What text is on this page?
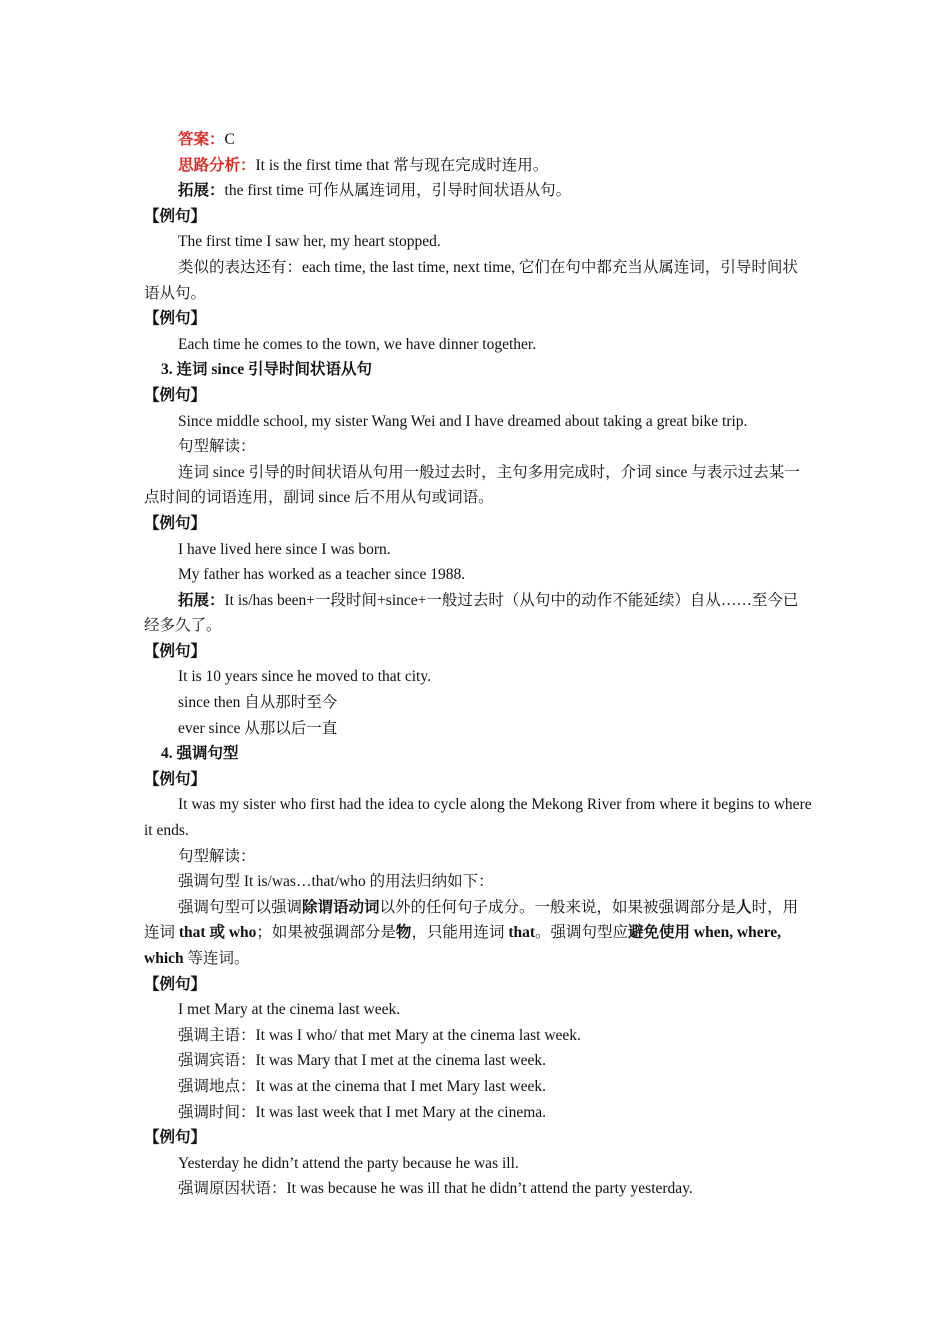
答案：C

思路分析：It is the first time that 常与现在完成时连用。

拓展：the first time 可作从属连词用，引导时间状语从句。

【例句】

The first time I saw her, my heart stopped.

类似的表达还有：each time, the last time, next time, 它们在句中都充当从属连词，引导时间状语从句。

【例句】

Each time he comes to the town, we have dinner together.

3. 连词 since 引导时间状语从句

【例句】

Since middle school, my sister Wang Wei and I have dreamed about taking a great bike trip.

句型解读：

连词 since 引导的时间状语从句用一般过去时，主句多用完成时，介词 since 与表示过去某一点时间的词语连用，副词 since 后不用从句或词语。

【例句】

I have lived here since I was born.

My father has worked as a teacher since 1988.

拓展：It is/has been+一段时间+since+一般过去时（从句中的动作不能延续）自从……至今已经多久了。

【例句】

It is 10 years since he moved to that city.

since then 自从那时至今

ever since 从那以后一直

4. 强调句型

【例句】

It was my sister who first had the idea to cycle along the Mekong River from where it begins to where it ends.

句型解读：

强调句型 It is/was…that/who 的用法归纳如下：

强调句型可以强调除谓语动词以外的任何句子成分。一般来说，如果被强调部分是人时，用连词 that 或 who；如果被强调部分是物，只能用连词 that。强调句型应避免使用 when, where, which 等连词。

【例句】

I met Mary at the cinema last week.

强调主语：It was I who/ that met Mary at the cinema last week.

强调宾语：It was Mary that I met at the cinema last week.

强调地点：It was at the cinema that I met Mary last week.

强调时间：It was last week that I met Mary at the cinema.

【例句】

Yesterday he didn’t attend the party because he was ill.

强调原因状语：It was because he was ill that he didn’t attend the party yesterday.
